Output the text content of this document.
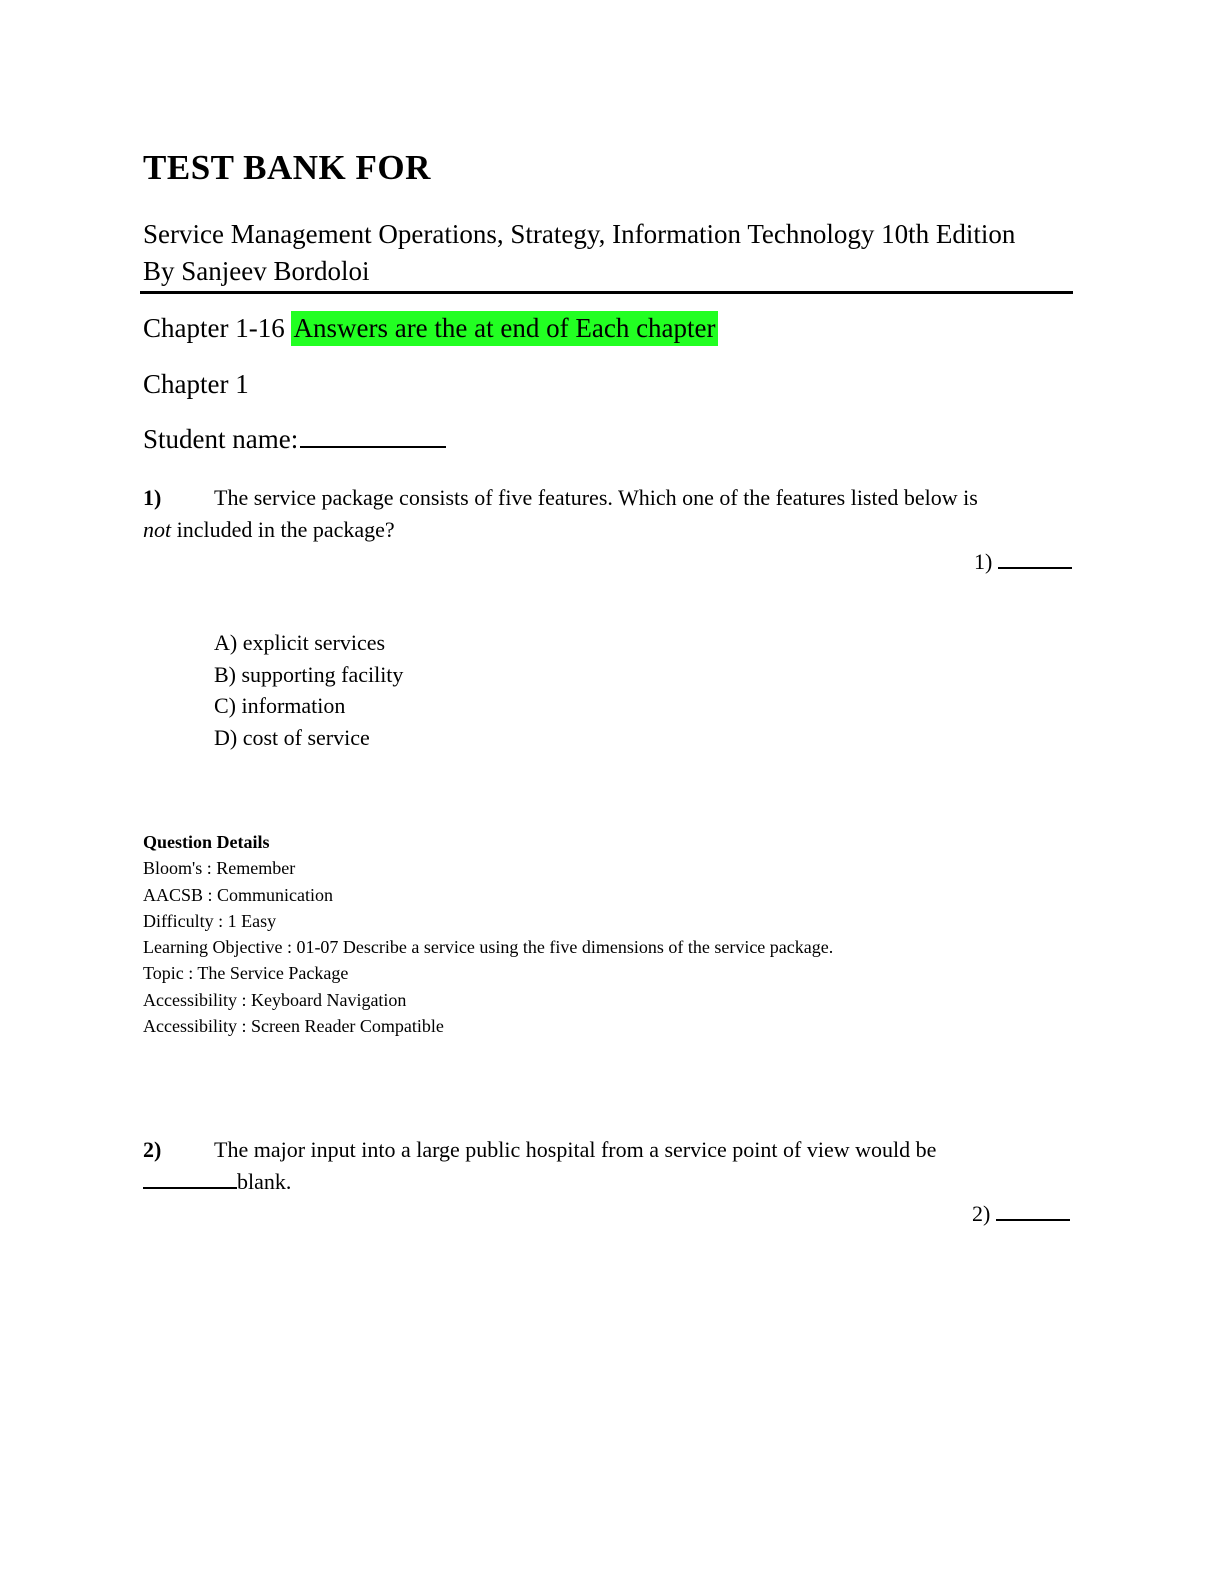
TEST BANK FOR
Service Management Operations, Strategy, Information Technology 10th Edition
By Sanjeev Bordoloi
Chapter 1-16 Answers are the at end of Each chapter
Chapter 1
Student name:
1) The service package consists of five features. Which one of the features listed below is
not included in the package?
1)
A) explicit services
B) supporting facility
C) information
D) cost of service
Question Details
Bloom's : Remember
AACSB : Communication
Difficulty : 1 Easy
Learning Objective : 01-07 Describe a service using the five dimensions of the service package.
Topic : The Service Package
Accessibility : Keyboard Navigation
Accessibility : Screen Reader Compatible
2) The major input into a large public hospital from a service point of view would be
blank.
2)
